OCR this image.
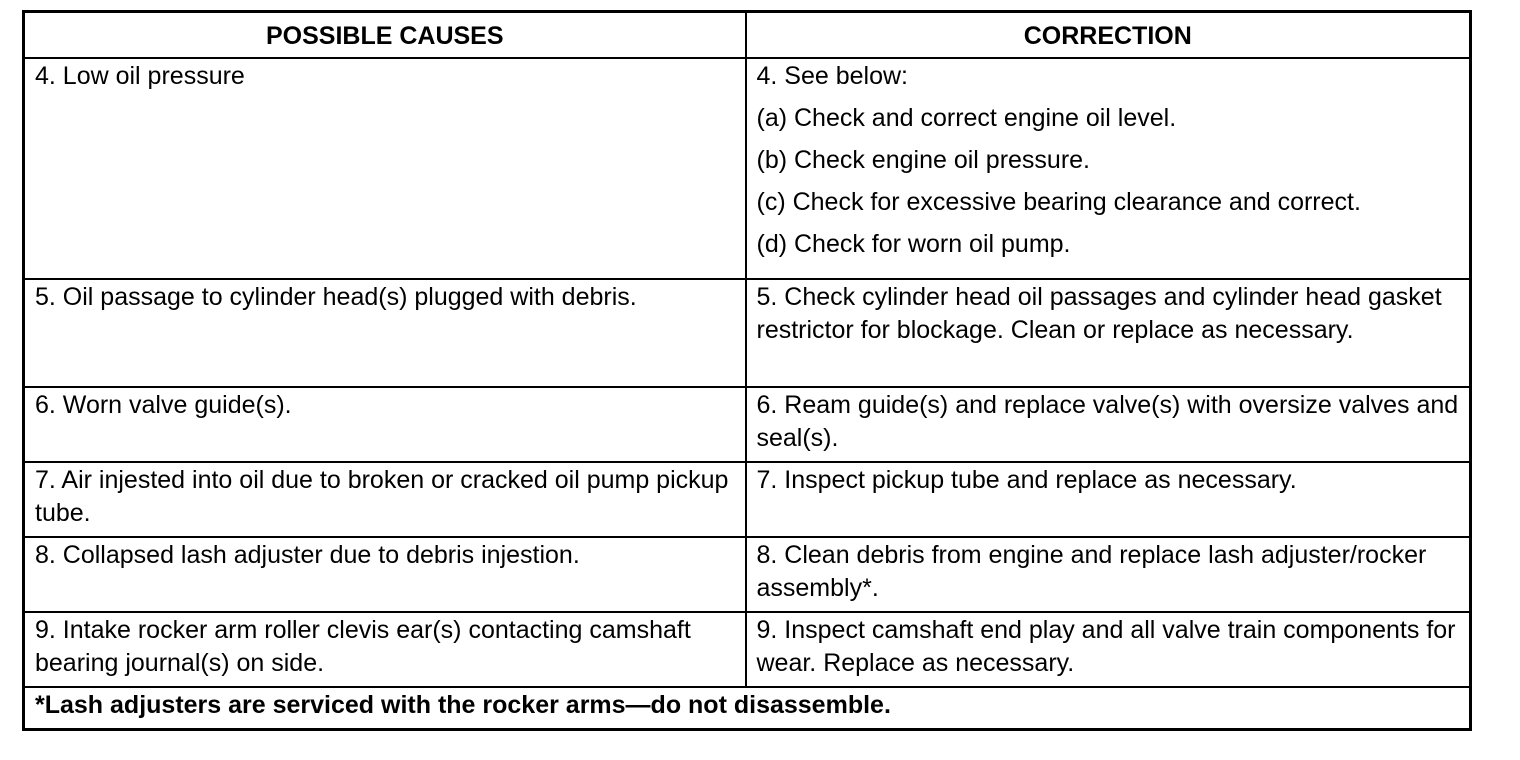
POSSIBLE CAUSES	CORRECTION
4. Low oil pressure	4. See below:
(a) Check and correct engine oil level.
(b) Check engine oil pressure.
(c) Check for excessive bearing clearance and correct.
(d) Check for worn oil pump.

5. Oil passage to cylinder head(s) plugged with debris.	5. Check cylinder head oil passages and cylinder head gasket restrictor for blockage. Clean or replace as necessary.
6. Worn valve guide(s).	6. Ream guide(s) and replace valve(s) with oversize valves and seal(s).
7. Air injested into oil due to broken or cracked oil pump pickup tube.	7. Inspect pickup tube and replace as necessary.
8. Collapsed lash adjuster due to debris injestion.	8. Clean debris from engine and replace lash adjuster/rocker assembly*.
9. Intake rocker arm roller clevis ear(s) contacting camshaft bearing journal(s) on side.	9. Inspect camshaft end play and all valve train components for wear. Replace as necessary.
*Lash adjusters are serviced with the rocker arms—do not disassemble.	
